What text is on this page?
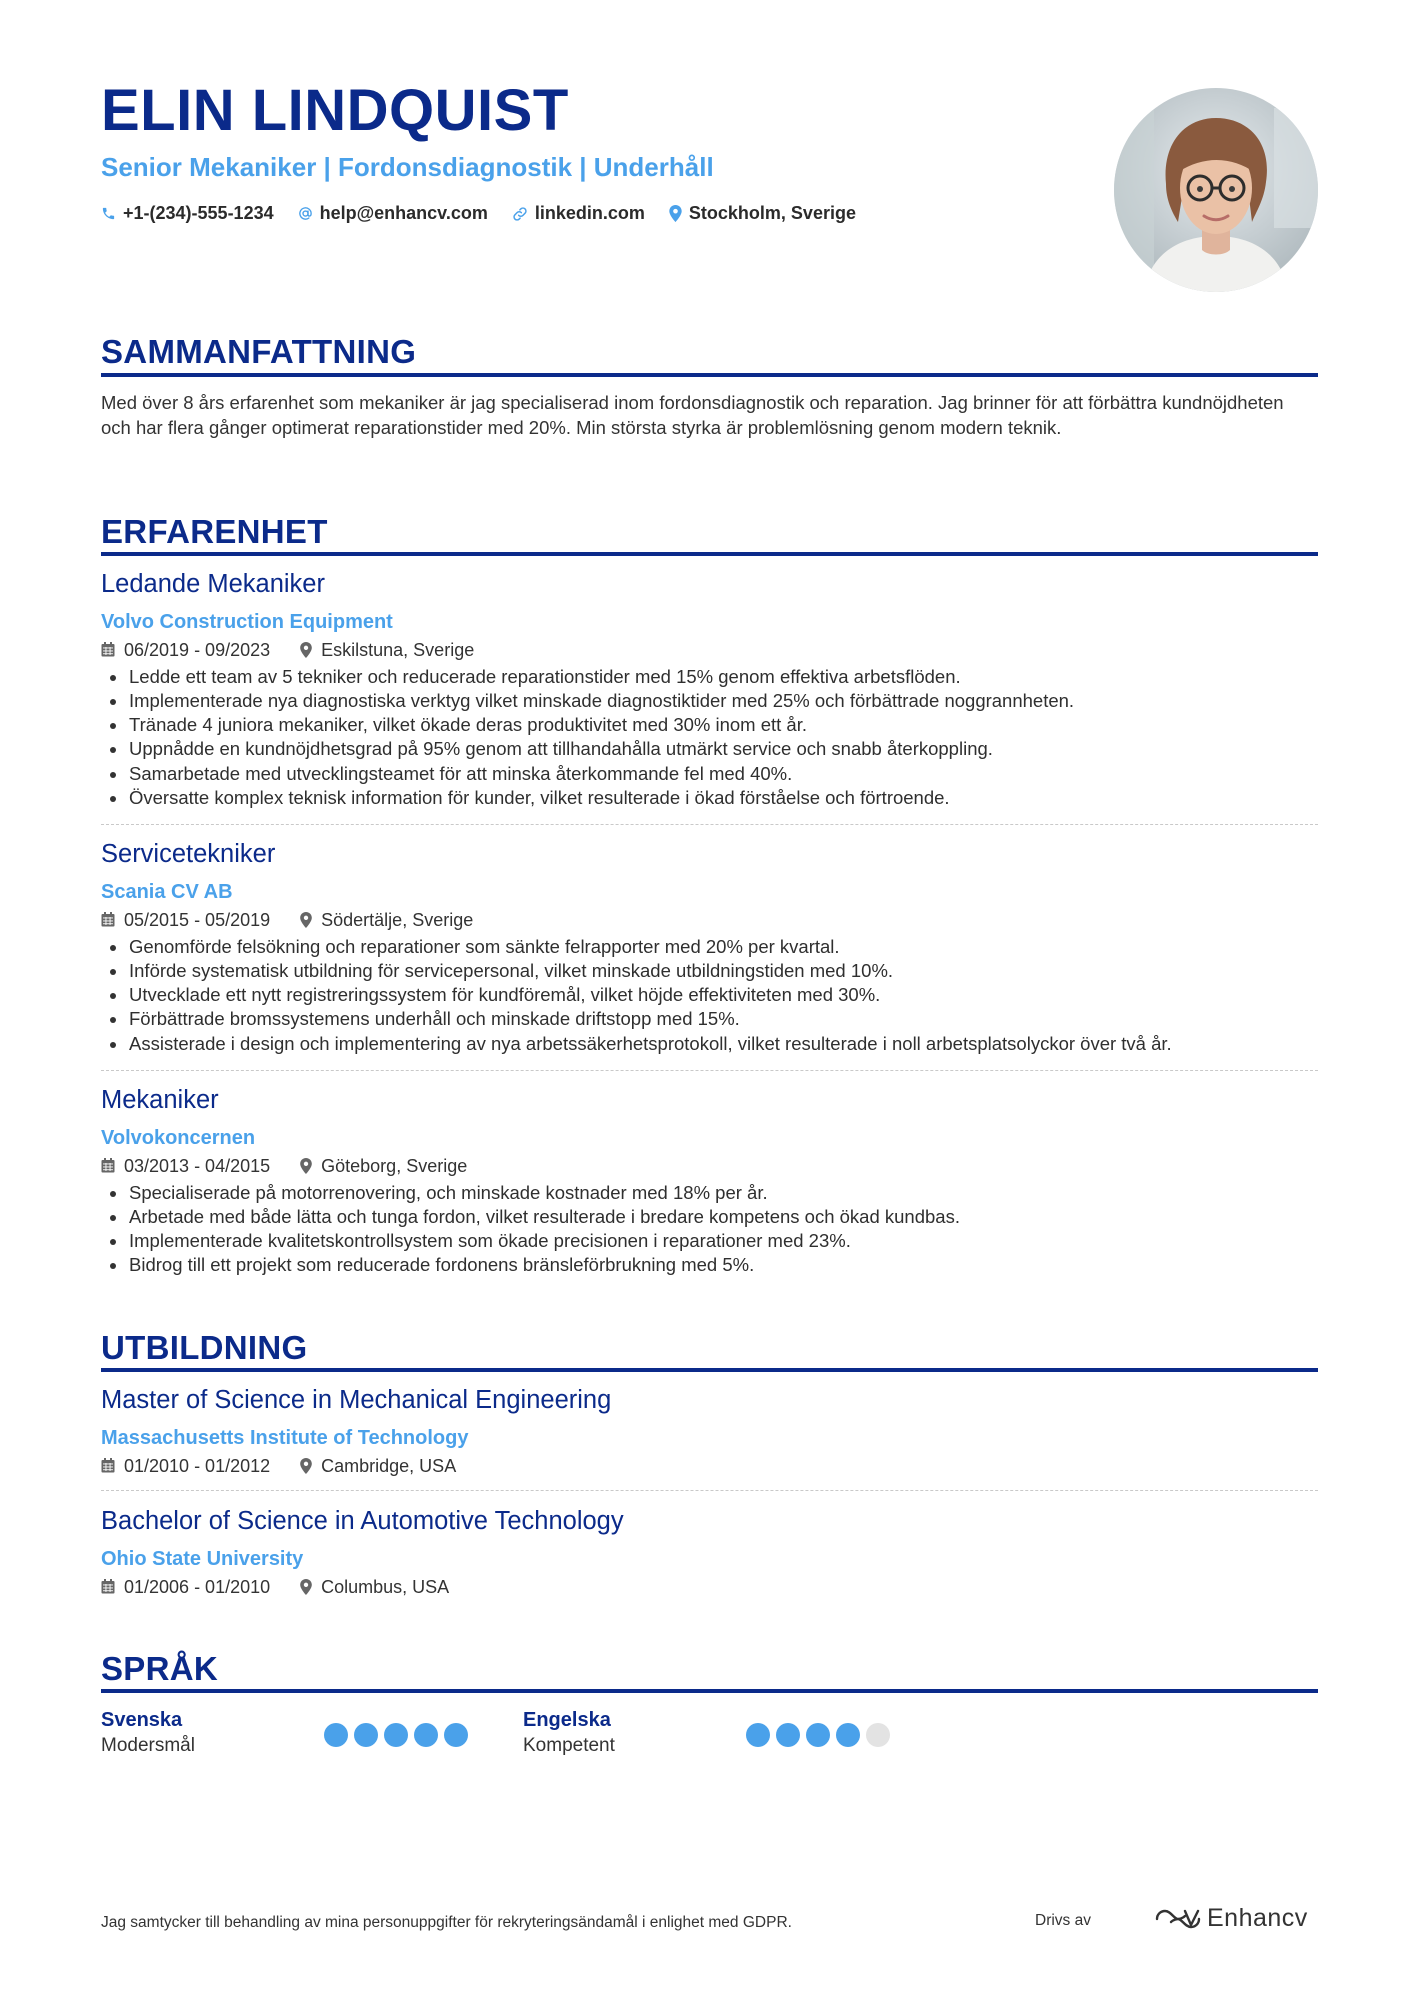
ELIN LINDQUIST
Senior Mekaniker | Fordonsdiagnostik | Underhåll
+1-(234)-555-1234	help@enhancv.com	linkedin.com Stockholm, Sverige
SAMMANFATTNING
Med över 8 års erfarenhet som mekaniker är jag specialiserad inom fordonsdiagnostik och reparation. Jag brinner för att förbättra kundnöjdheten och har flera gånger optimerat reparationstider med 20%. Min största styrka är problemlösning genom modern teknik.
ERFARENHET
Ledande Mekaniker
Volvo Construction Equipment
06/2019 - 09/2023	Eskilstuna, Sverige
Ledde ett team av 5 tekniker och reducerade reparationstider med 15% genom effektiva arbetsflöden.
Implementerade nya diagnostiska verktyg vilket minskade diagnostiktider med 25% och förbättrade noggrannheten.
Tränade 4 juniora mekaniker, vilket ökade deras produktivitet med 30% inom ett år.
Uppnådde en kundnöjdhetsgrad på 95% genom att tillhandahålla utmärkt service och snabb återkoppling.
Samarbetade med utvecklingsteamet för att minska återkommande fel med 40%.
Översatte komplex teknisk information för kunder, vilket resulterade i ökad förståelse och förtroende.
Servicetekniker
Scania CV AB
05/2015 - 05/2019	Södertälje, Sverige
Genomförde felsökning och reparationer som sänkte felrapporter med 20% per kvartal.
Införde systematisk utbildning för servicepersonal, vilket minskade utbildningstiden med 10%.
Utvecklade ett nytt registreringssystem för kundföremål, vilket höjde effektiviteten med 30%.
Förbättrade bromssystemens underhåll och minskade driftstopp med 15%.
Assisterade i design och implementering av nya arbetssäkerhetsprotokoll, vilket resulterade i noll arbetsplatsolyckor över två år.
Mekaniker
Volvokoncernen
03/2013 - 04/2015	Göteborg, Sverige
Specialiserade på motorrenovering, och minskade kostnader med 18% per år.
Arbetade med både lätta och tunga fordon, vilket resulterade i bredare kompetens och ökad kundbas.
Implementerade kvalitetskontrollsystem som ökade precisionen i reparationer med 23%.
Bidrog till ett projekt som reducerade fordonens bränsleförbrukning med 5%.
UTBILDNING
Master of Science in Mechanical Engineering
Massachusetts Institute of Technology
01/2010 - 01/2012	Cambridge, USA
Bachelor of Science in Automotive Technology
Ohio State University
01/2006 - 01/2010	Columbus, USA
SPRÅK
Svenska
Modersmål
Engelska
Kompetent
Jag samtycker till behandling av mina personuppgifter för rekryteringsändamål i enlighet med GDPR.	Drivs av	Enhancv
